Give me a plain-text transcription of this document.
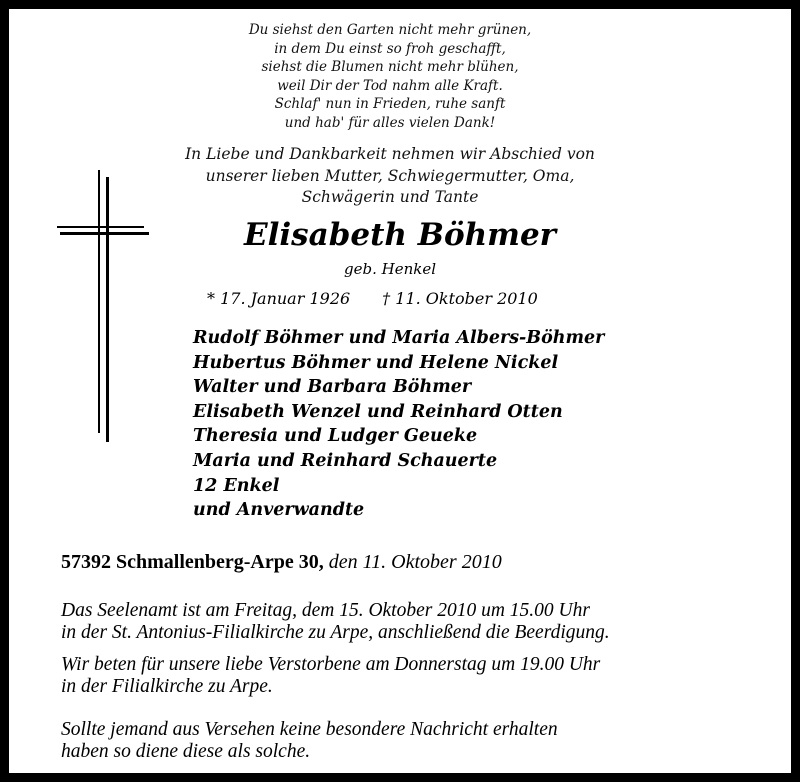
Du siehst den Garten nicht mehr grünen,
in dem Du einst so froh geschafft,
siehst die Blumen nicht mehr blühen,
weil Dir der Tod nahm alle Kraft.
Schlaf' nun in Frieden, ruhe sanft
und hab' für alles vielen Dank!
In Liebe und Dankbarkeit nehmen wir Abschied von
unserer lieben Mutter, Schwiegermutter, Oma,
Schwägerin und Tante
Elisabeth Böhmer
geb. Henkel
* 17. Januar 1926 † 11. Oktober 2010
Rudolf Böhmer und Maria Albers-Böhmer
Hubertus Böhmer und Helene Nickel
Walter und Barbara Böhmer
Elisabeth Wenzel und Reinhard Otten
Theresia und Ludger Geueke
Maria und Reinhard Schauerte
12 Enkel
und Anverwandte
57392 Schmallenberg-Arpe 30, den 11. Oktober 2010
Das Seelenamt ist am Freitag, dem 15. Oktober 2010 um 15.00 Uhr
in der St. Antonius-Filialkirche zu Arpe, anschließend die Beerdigung.
Wir beten für unsere liebe Verstorbene am Donnerstag um 19.00 Uhr
in der Filialkirche zu Arpe.
Sollte jemand aus Versehen keine besondere Nachricht erhalten
haben so diene diese als solche.
